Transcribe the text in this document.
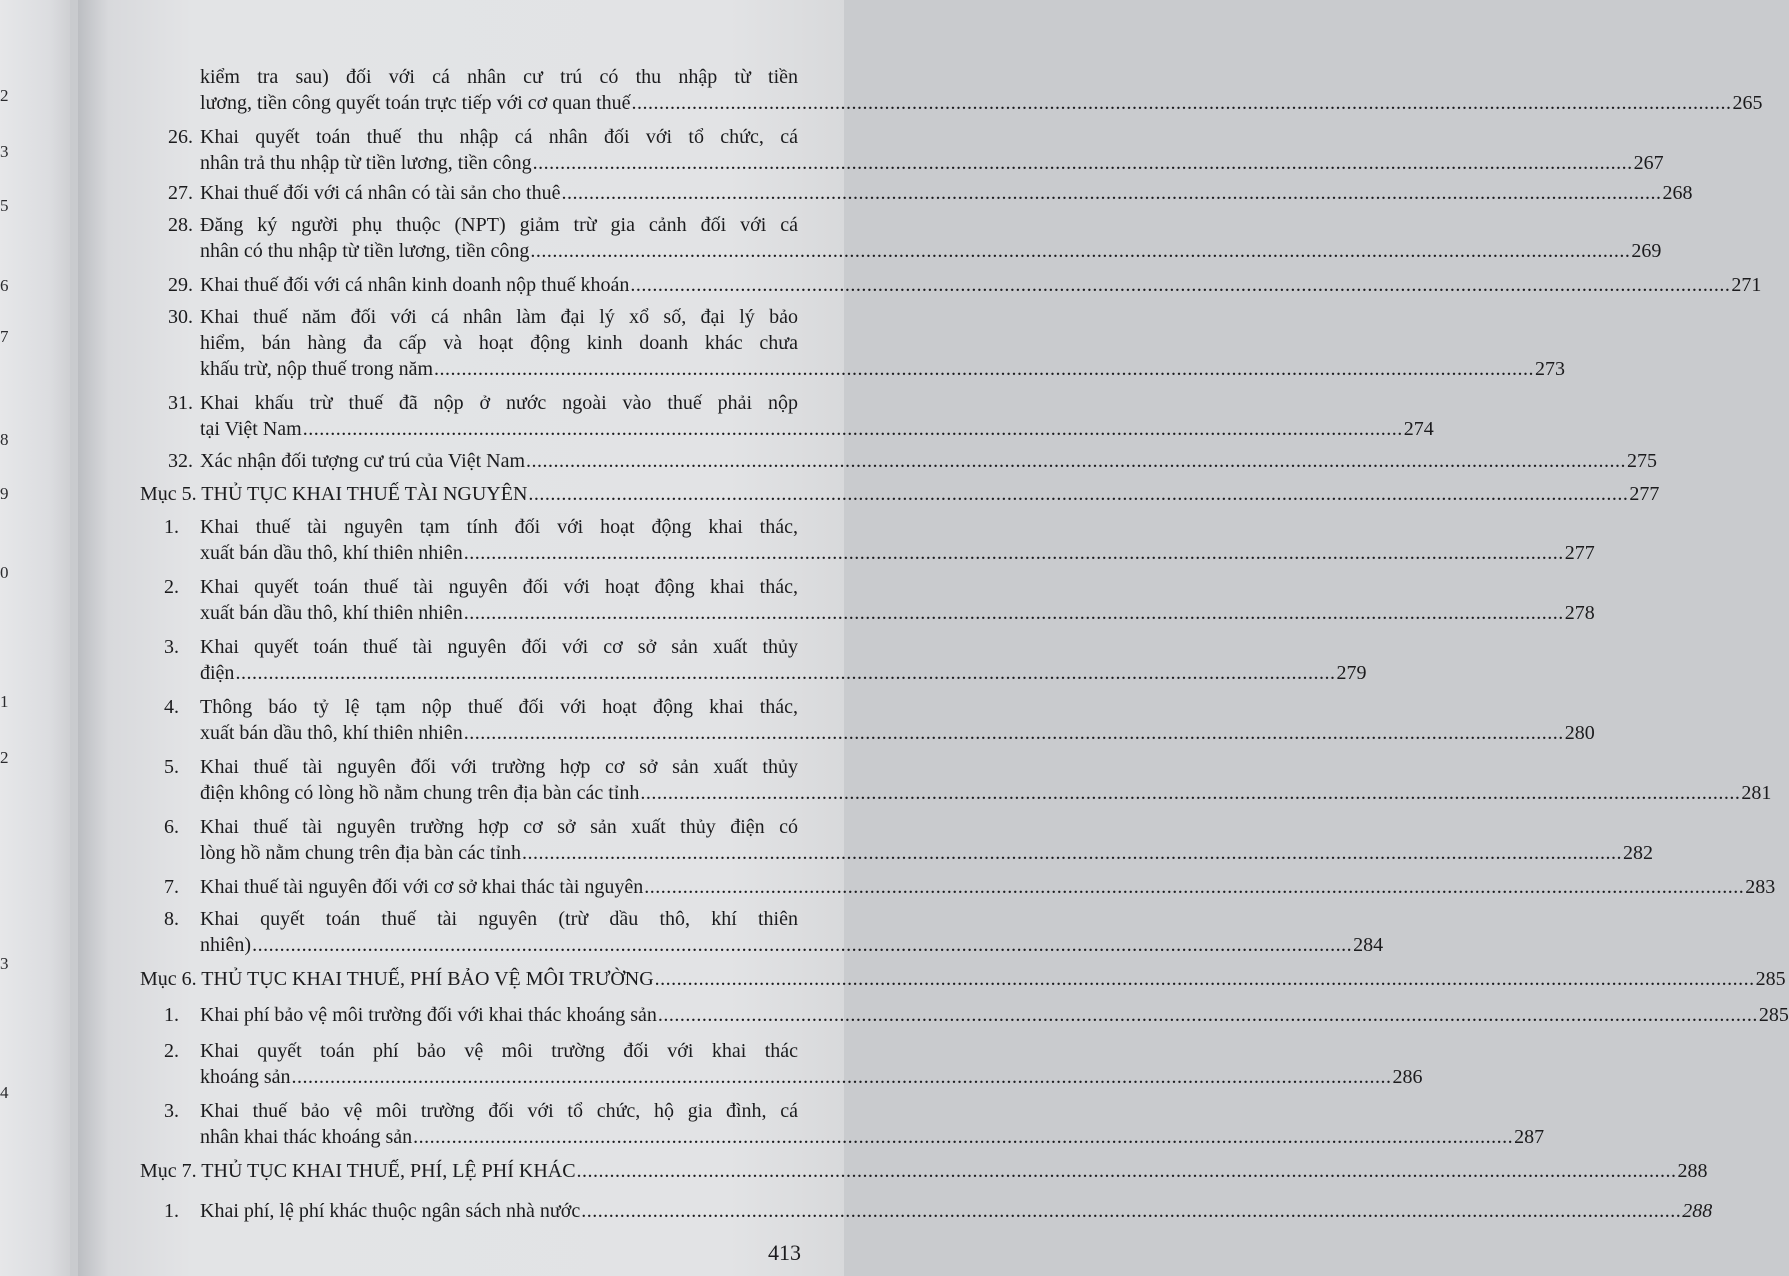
2
3
5
6
7
8
9
0
1
2
3
4
kiểm tra sau) đối với cá nhân cư trú có thu nhập từ tiền
lương, tiền công quyết toán trực tiếp với cơ quan thuế ........................................................................................................................................................................................................ 265
26. Khai quyết toán thuế thu nhập cá nhân đối với tổ chức, cá
nhân trả thu nhập từ tiền lương, tiền công ........................................................................................................................................................................................................ 267
27. Khai thuế đối với cá nhân có tài sản cho thuê ........................................................................................................................................................................................................ 268
28. Đăng ký người phụ thuộc (NPT) giảm trừ gia cảnh đối với cá
nhân có thu nhập từ tiền lương, tiền công ........................................................................................................................................................................................................ 269
29. Khai thuế đối với cá nhân kinh doanh nộp thuế khoán ........................................................................................................................................................................................................ 271
30. Khai thuế năm đối với cá nhân làm đại lý xổ số, đại lý bảo
hiểm, bán hàng đa cấp và hoạt động kinh doanh khác chưa
khấu trừ, nộp thuế trong năm ........................................................................................................................................................................................................ 273
31. Khai khấu trừ thuế đã nộp ở nước ngoài vào thuế phải nộp
tại Việt Nam ........................................................................................................................................................................................................ 274
32. Xác nhận đối tượng cư trú của Việt Nam ........................................................................................................................................................................................................ 275
Mục 5. THỦ TỤC KHAI THUẾ TÀI NGUYÊN ........................................................................................................................................................................................................ 277
1. Khai thuế tài nguyên tạm tính đối với hoạt động khai thác,
xuất bán dầu thô, khí thiên nhiên ........................................................................................................................................................................................................ 277
2. Khai quyết toán thuế tài nguyên đối với hoạt động khai thác,
xuất bán dầu thô, khí thiên nhiên ........................................................................................................................................................................................................ 278
3. Khai quyết toán thuế tài nguyên đối với cơ sở sản xuất thủy
điện ........................................................................................................................................................................................................ 279
4. Thông báo tỷ lệ tạm nộp thuế đối với hoạt động khai thác,
xuất bán dầu thô, khí thiên nhiên ........................................................................................................................................................................................................ 280
5. Khai thuế tài nguyên đối với trường hợp cơ sở sản xuất thủy
điện không có lòng hồ nằm chung trên địa bàn các tỉnh ........................................................................................................................................................................................................ 281
6. Khai thuế tài nguyên trường hợp cơ sở sản xuất thủy điện có
lòng hồ nằm chung trên địa bàn các tỉnh ........................................................................................................................................................................................................ 282
7. Khai thuế tài nguyên đối với cơ sở khai thác tài nguyên ........................................................................................................................................................................................................ 283
8. Khai quyết toán thuế tài nguyên (trừ dầu thô, khí thiên
nhiên) ........................................................................................................................................................................................................ 284
Mục 6. THỦ TỤC KHAI THUẾ, PHÍ BẢO VỆ MÔI TRƯỜNG ........................................................................................................................................................................................................ 285
1. Khai phí bảo vệ môi trường đối với khai thác khoáng sản ........................................................................................................................................................................................................ 285
2. Khai quyết toán phí bảo vệ môi trường đối với khai thác
khoáng sản ........................................................................................................................................................................................................ 286
3. Khai thuế bảo vệ môi trường đối với tổ chức, hộ gia đình, cá
nhân khai thác khoáng sản ........................................................................................................................................................................................................ 287
Mục 7. THỦ TỤC KHAI THUẾ, PHÍ, LỆ PHÍ KHÁC ........................................................................................................................................................................................................ 288
1. Khai phí, lệ phí khác thuộc ngân sách nhà nước ........................................................................................................................................................................................................ 288
413
